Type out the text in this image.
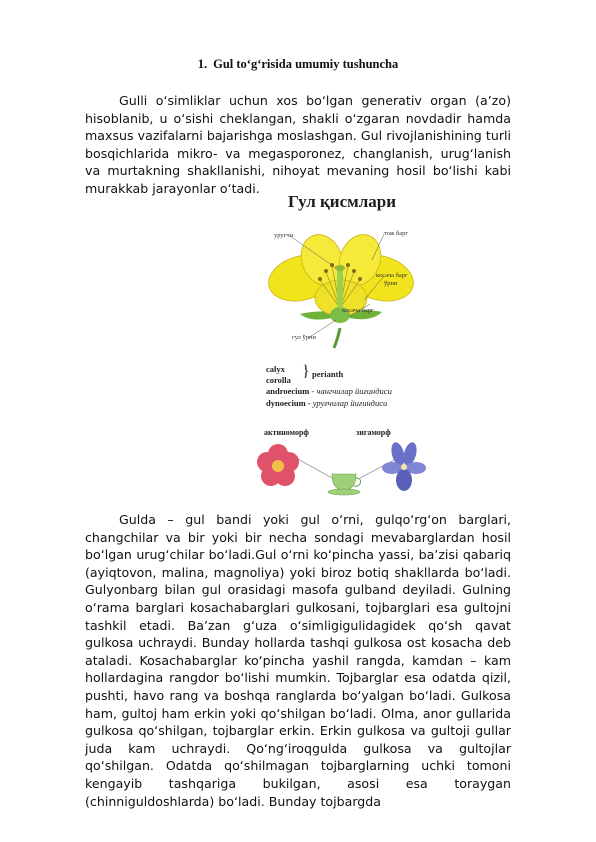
1. Gul to‘g‘risida umumiy tushuncha

Gulli o‘simliklar uchun xos bo‘lgan generativ organ (a’zo) hisoblanib, u o‘sishi cheklangan, shakli o‘zgaran novdadir hamda maxsus vazifalarni bajarishga moslashgan. Gul rivojlanishining turli bosqichlarida mikro- va megasporonez, changlanish, urug‘lanish va murtakning shakllanishi, nihoyat mevaning hosil bo‘lishi kabi murakkab jarayonlar o‘tadi.

Гул қисмлари
уруғчи	тож барг
косача барг
ўрни
косача барг
гул ўрни
calyx
corolla } perianth
androecium - чангчилар йиғиндиси
dynoecium - уруғчилар йиғиндиси
актиноморф	зигаморф

Gulda – gul bandi yoki gul o‘rni, gulqo‘rg‘on barglari, changchilar va bir yoki bir necha sondagi mevabarglardan hosil bo‘lgan urug‘chilar bo‘ladi.Gul o‘rni ko‘pincha yassi, ba’zisi qabariq (ayiqtovon, malina, magnoliya) yoki biroz botiq shakllarda bo‘ladi. Gulyonbarg bilan gul orasidagi masofa gulband deyiladi. Gulning o‘rama barglari kosachabarglari gulkosani, tojbarglari esa gultojni tashkil etadi. Ba’zan g‘uza o‘simligigulidagidek qo‘sh qavat gulkosa uchraydi. Bunday hollarda tashqi gulkosa ost kosacha deb ataladi. Kosachabarglar ko‘pincha yashil rangda, kamdan – kam hollardagina rangdor bo‘lishi mumkin. Tojbarglar esa odatda qizil, pushti, havo rang va boshqa ranglarda bo‘yalgan bo‘ladi. Gulkosa ham, gultoj ham erkin yoki qo‘shilgan bo‘ladi. Olma, anor gullarida gulkosa qo‘shilgan, tojbarglar erkin. Erkin gulkosa va gultoji gullar juda kam uchraydi. Qo‘ng‘iroqgulda gulkosa va gultojlar qo‘shilgan. Odatda qo‘shilmagan tojbarglarning uchki tomoni kengayib tashqariga bukilgan, asosi esa toraygan (chinniguldoshlarda) bo‘ladi. Bunday tojbargda
